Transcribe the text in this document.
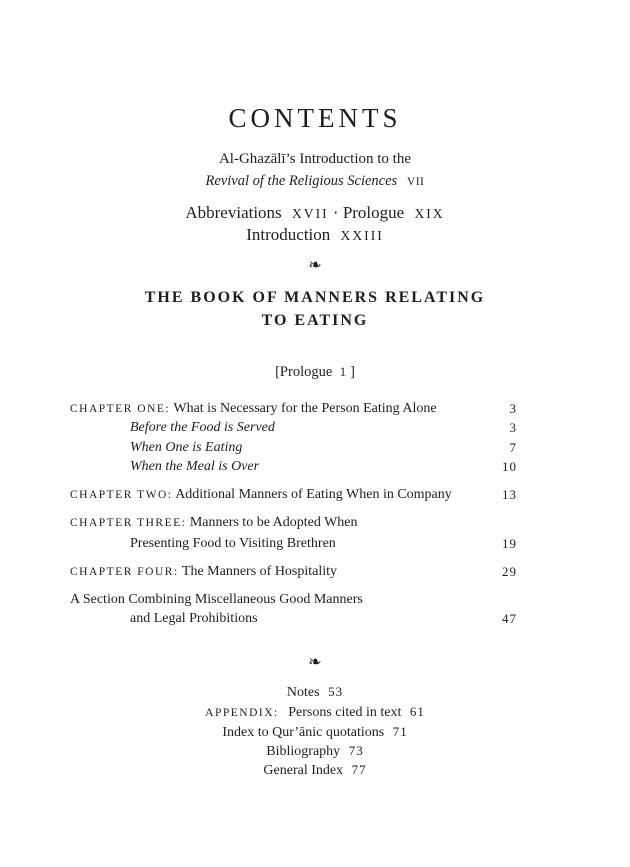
CONTENTS
Al-Ghazālī’s Introduction to the
Revival of the Religious Sciences VII
Abbreviations XVII · Prologue XIX
Introduction XXIII
❧
THE BOOK OF MANNERS RELATING
TO EATING
[Prologue 1 ]
CHAPTER ONE: What is Necessary for the Person Eating Alone	3
Before the Food is Served	3
When One is Eating	7
When the Meal is Over	10
CHAPTER TWO: Additional Manners of Eating When in Company	13
CHAPTER THREE: Manners to be Adopted When
Presenting Food to Visiting Brethren	19
CHAPTER FOUR: The Manners of Hospitality	29
A Section Combining Miscellaneous Good Manners
and Legal Prohibitions	47
❧
Notes 53
APPENDIX: Persons cited in text 61
Index to Qur’ānic quotations 71
Bibliography 73
General Index 77
